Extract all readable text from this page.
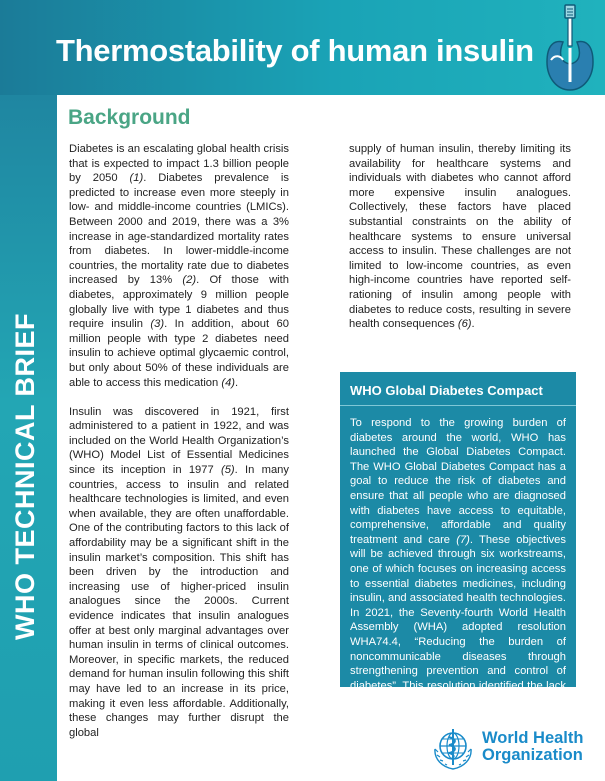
Thermostability of human insulin
WHO TECHNICAL BRIEF
Background

Diabetes is an escalating global health crisis that is expected to impact 1.3 billion people by 2050 (1). Diabetes prevalence is predicted to increase even more steeply in low- and middle-income countries (LMICs). Between 2000 and 2019, there was a 3% increase in age-standardized mortality rates from diabetes. In lower-middle-income countries, the mortality rate due to diabetes increased by 13% (2). Of those with diabetes, approximately 9 million people globally live with type 1 diabetes and thus require insulin (3). In addition, about 60 million people with type 2 diabetes need insulin to achieve optimal glycaemic control, but only about 50% of these individuals are able to access this medication (4).

Insulin was discovered in 1921, first administered to a patient in 1922, and was included on the World Health Organization’s (WHO) Model List of Essential Medicines since its inception in 1977 (5). In many countries, access to insulin and related healthcare technologies is limited, and even when available, they are often unaffordable. One of the contributing factors to this lack of affordability may be a significant shift in the insulin market’s composition. This shift has been driven by the introduction and increasing use of higher-priced insulin analogues since the 2000s. Current evidence indicates that insulin analogues offer at best only marginal advantages over human insulin in terms of clinical outcomes. Moreover, in specific markets, the reduced demand for human insulin following this shift may have led to an increase in its price, making it even less affordable. Additionally, these changes may further disrupt the global

supply of human insulin, thereby limiting its availability for healthcare systems and individuals with diabetes who cannot afford more expensive insulin analogues. Collectively, these factors have placed substantial constraints on the ability of healthcare systems to ensure universal access to insulin. These challenges are not limited to low-income countries, as even high-income countries have reported self-rationing of insulin among people with diabetes to reduce costs, resulting in severe health consequences (6).

WHO Global Diabetes Compact
To respond to the growing burden of diabetes around the world, WHO has launched the Global Diabetes Compact. The WHO Global Diabetes Compact has a goal to reduce the risk of diabetes and ensure that all people who are diagnosed with diabetes have access to equitable, comprehensive, affordable and quality treatment and care (7). These objectives will be achieved through six workstreams, one of which focuses on increasing access to essential diabetes medicines, including insulin, and associated health technologies. In 2021, the Seventy-fourth World Health Assembly (WHA) adopted resolution WHA74.4, “Reducing the burden of noncommunicable diseases through strengthening prevention and control of diabetes”. This resolution identified the lack of affordability of insulins as one of the main barriers to access (8).
World Health
Organization
